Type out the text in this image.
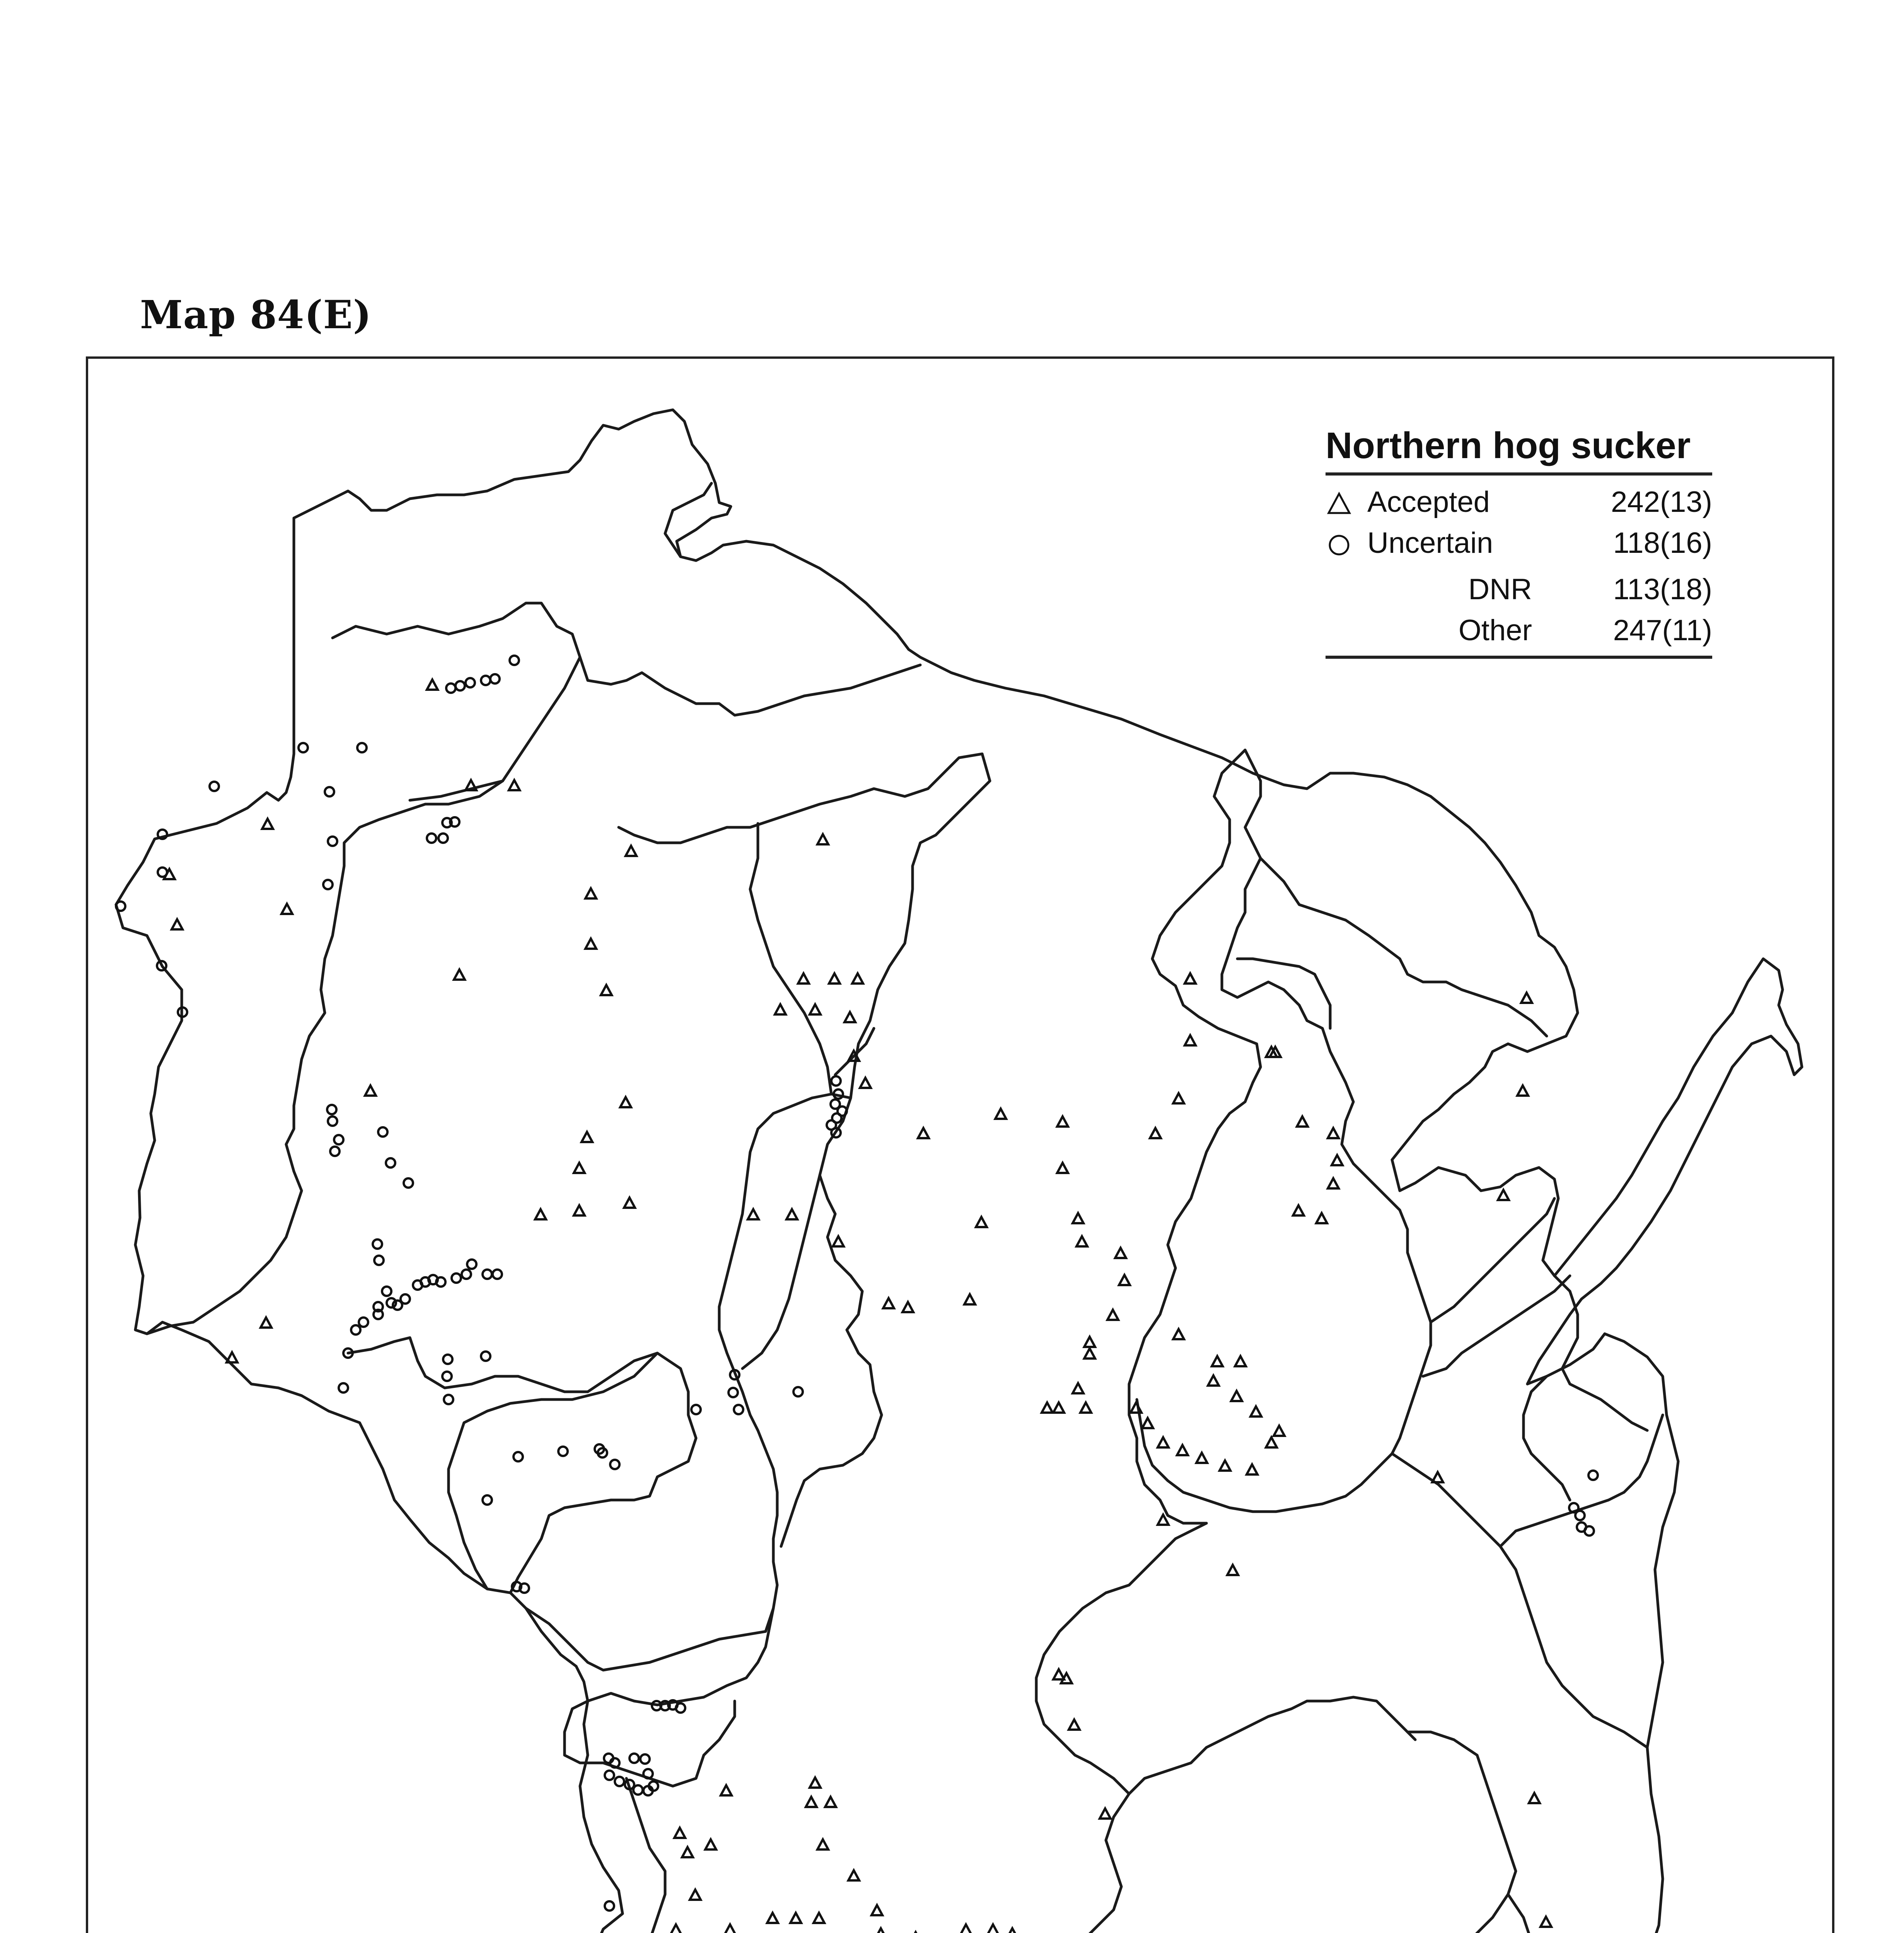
Map 84(E)
Northern hog sucker
	Accepted	242(13)
	Uncertain	118(16)

	DNR	113(18)
	Other	247(11)
